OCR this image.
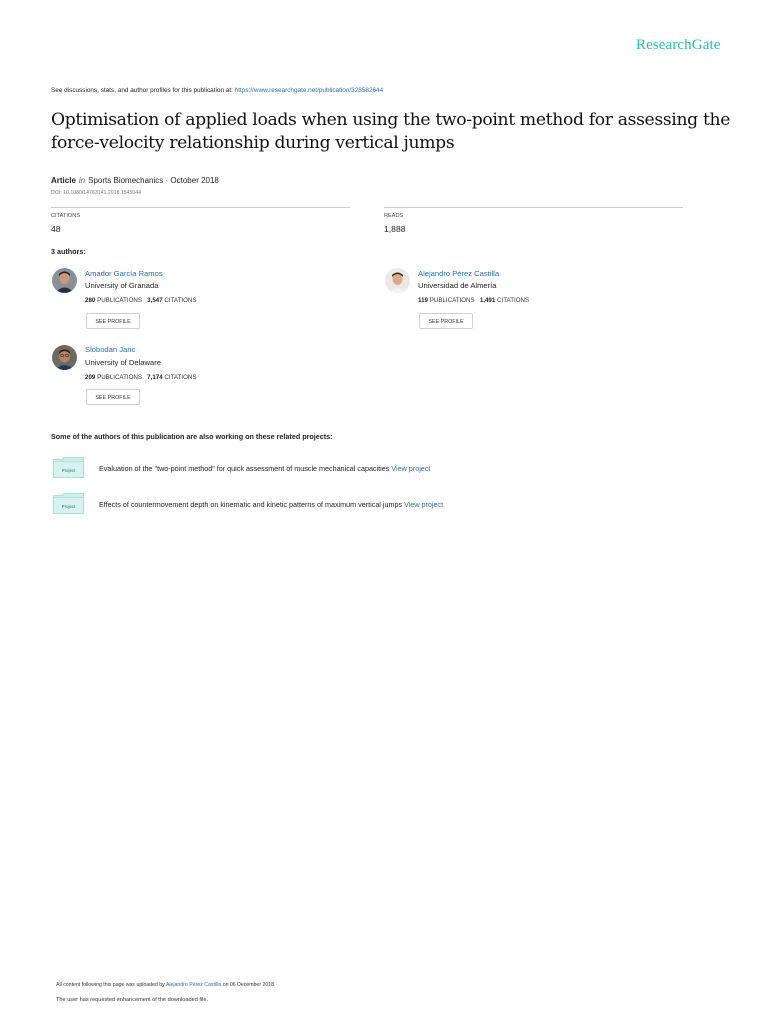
ResearchGate
See discussions, stats, and author profiles for this publication at: https://www.researchgate.net/publication/328582644
Optimisation of applied loads when using the two-point method for assessing the force-velocity relationship during vertical jumps
Article in Sports Biomechanics · October 2018
DOI: 10.1080/14763141.2018.1545044
CITATIONS
48
READS
1,888
3 authors:
Amador García Ramos
University of Granada
280 PUBLICATIONS 3,547 CITATIONS
SEE PROFILE
Alejandro Pérez Castilla
Universidad de Almería
119 PUBLICATIONS 1,491 CITATIONS
SEE PROFILE
Slobodan Jaric
University of Delaware
209 PUBLICATIONS 7,174 CITATIONS
SEE PROFILE
Some of the authors of this publication are also working on these related projects:
Project	Evaluation of the "two-point method" for quick assessment of muscle mechanical capacities View project
Project	Effects of countermovement depth on kinematic and kinetic patterns of maximum vertical jumps View project
All content following this page was uploaded by Alejandro Pérez Castilla on 06 December 2018.
The user has requested enhancement of the downloaded file.
